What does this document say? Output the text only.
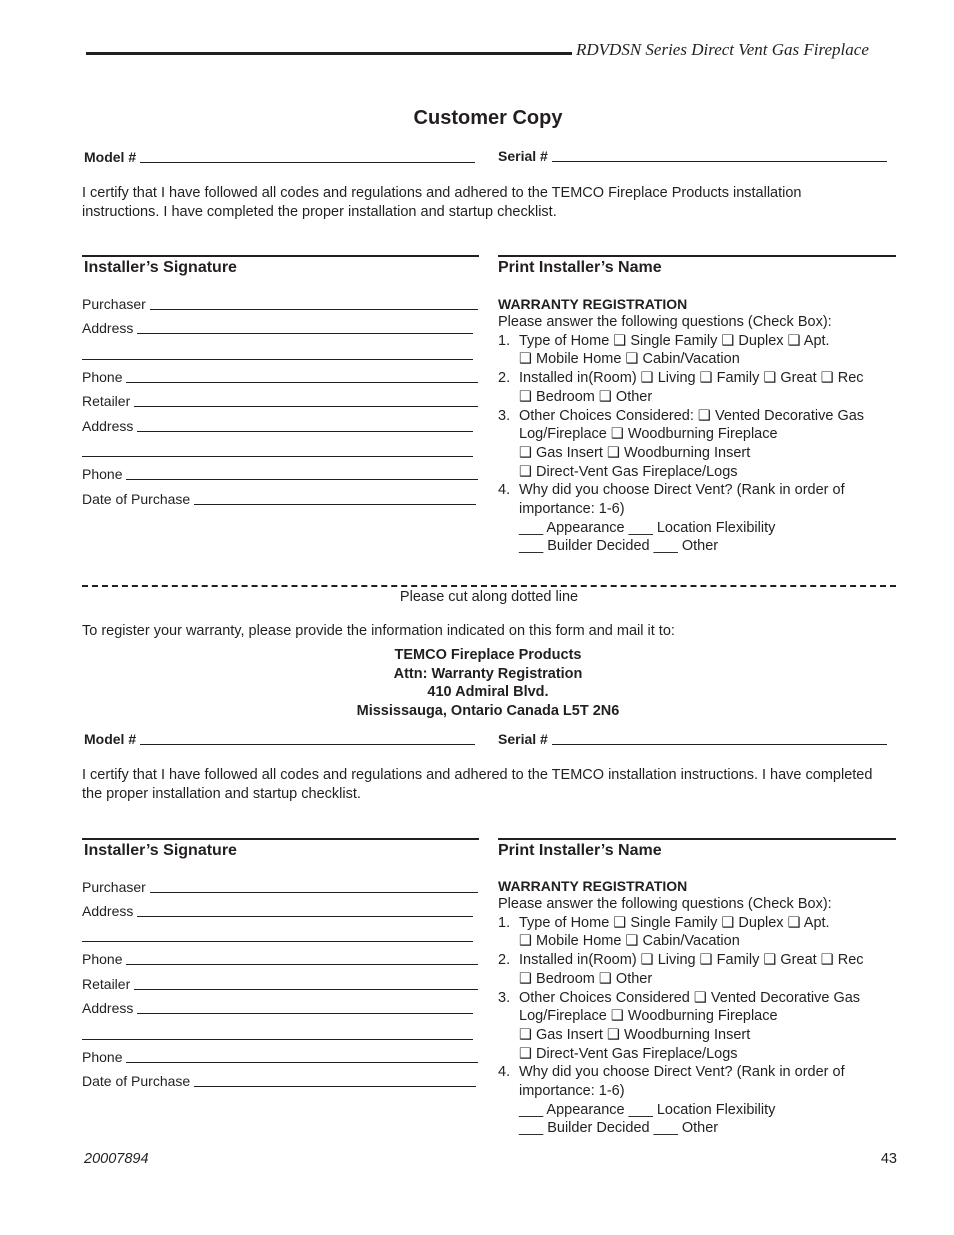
RDVDSN Series Direct Vent Gas Fireplace
Customer Copy
Model #	Serial #
I certify that I have followed all codes and regulations and adhered to the TEMCO Fireplace Products installation instructions. I have completed the proper installation and startup checklist.
Installer’s Signature	Print Installer’s Name
Purchaser
Address
Phone
Retailer
Address
Phone
Date of Purchase
WARRANTY REGISTRATION
Please answer the following questions (Check Box):
1. Type of Home ❑ Single Family ❑ Duplex ❑ Apt.
❑ Mobile Home ❑ Cabin/Vacation
2. Installed in(Room) ❑ Living ❑ Family ❑ Great ❑ Rec
❑ Bedroom ❑ Other
3. Other Choices Considered: ❑ Vented Decorative Gas
Log/Fireplace ❑ Woodburning Fireplace
❑ Gas Insert ❑ Woodburning Insert
❑ Direct-Vent Gas Fireplace/Logs
4. Why did you choose Direct Vent? (Rank in order of
importance: 1-6)
___ Appearance ___ Location Flexibility
___ Builder Decided ___ Other
Please cut along dotted line
To register your warranty, please provide the information indicated on this form and mail it to:
TEMCO Fireplace Products
Attn: Warranty Registration
410 Admiral Blvd.
Mississauga, Ontario Canada L5T 2N6
Model #	Serial #
I certify that I have followed all codes and regulations and adhered to the TEMCO installation instructions. I have completed the proper installation and startup checklist.
Installer’s Signature	Print Installer’s Name
Purchaser
Address
Phone
Retailer
Address
Phone
Date of Purchase
WARRANTY REGISTRATION
Please answer the following questions (Check Box):
1. Type of Home ❑ Single Family ❑ Duplex ❑ Apt.
❑ Mobile Home ❑ Cabin/Vacation
2. Installed in(Room) ❑ Living ❑ Family ❑ Great ❑ Rec
❑ Bedroom ❑ Other
3. Other Choices Considered ❑ Vented Decorative Gas
Log/Fireplace ❑ Woodburning Fireplace
❑ Gas Insert ❑ Woodburning Insert
❑ Direct-Vent Gas Fireplace/Logs
4. Why did you choose Direct Vent? (Rank in order of
importance: 1-6)
___ Appearance ___ Location Flexibility
___ Builder Decided ___ Other
20007894	43
